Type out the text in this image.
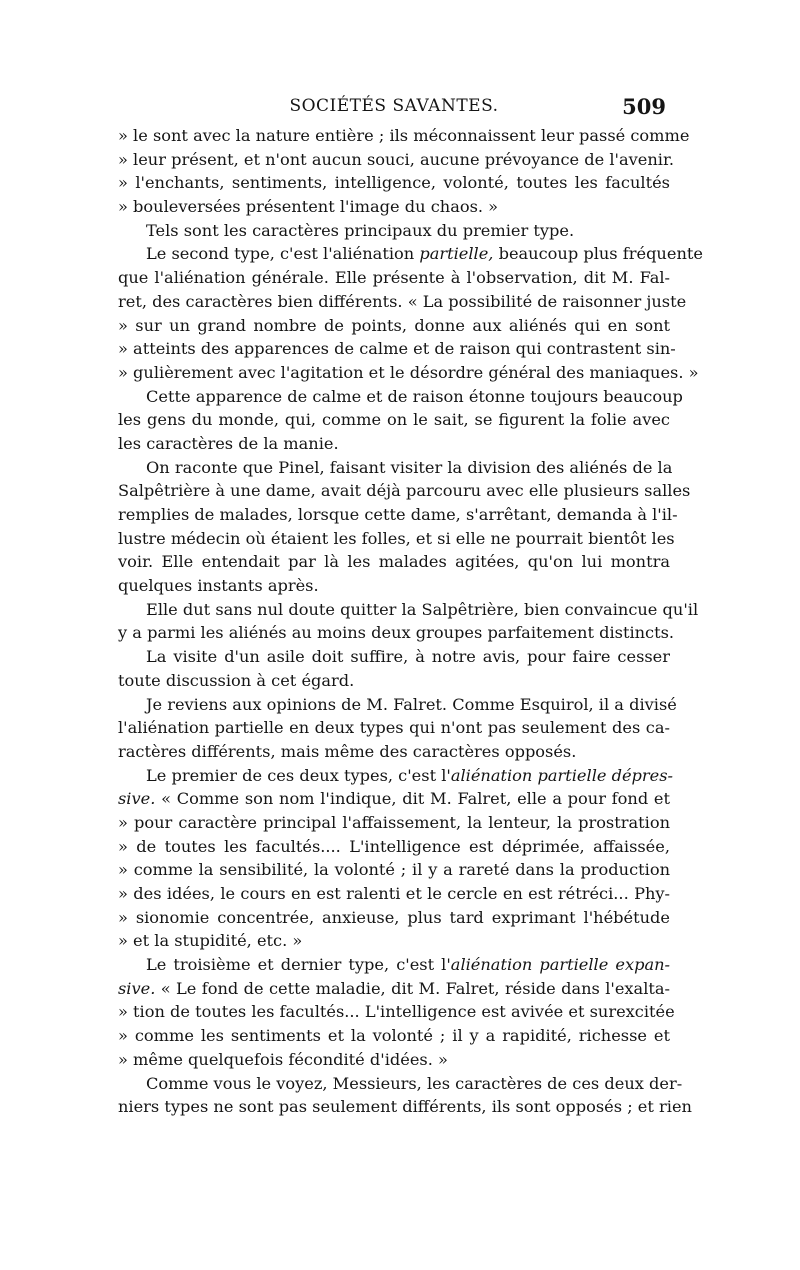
SOCIÉTÉS SAVANTES.	509
» le sont avec la nature entière ; ils méconnaissent leur passé comme
» leur présent, et n'ont aucun souci, aucune prévoyance de l'avenir.
» l'enchants, sentiments, intelligence, volonté, toutes les facultés
» bouleversées présentent l'image du chaos. »
Tels sont les caractères principaux du premier type.
Le second type, c'est l'aliénation partielle, beaucoup plus fréquente
que l'aliénation générale. Elle présente à l'observation, dit M. Fal-
ret, des caractères bien différents. « La possibilité de raisonner juste
» sur un grand nombre de points, donne aux aliénés qui en sont
» atteints des apparences de calme et de raison qui contrastent sin-
» gulièrement avec l'agitation et le désordre général des maniaques. »
Cette apparence de calme et de raison étonne toujours beaucoup
les gens du monde, qui, comme on le sait, se figurent la folie avec
les caractères de la manie.
On raconte que Pinel, faisant visiter la division des aliénés de la
Salpêtrière à une dame, avait déjà parcouru avec elle plusieurs salles
remplies de malades, lorsque cette dame, s'arrêtant, demanda à l'il-
lustre médecin où étaient les folles, et si elle ne pourrait bientôt les
voir. Elle entendait par là les malades agitées, qu'on lui montra
quelques instants après.
Elle dut sans nul doute quitter la Salpêtrière, bien convaincue qu'il
y a parmi les aliénés au moins deux groupes parfaitement distincts.
La visite d'un asile doit suffire, à notre avis, pour faire cesser
toute discussion à cet égard.
Je reviens aux opinions de M. Falret. Comme Esquirol, il a divisé
l'aliénation partielle en deux types qui n'ont pas seulement des ca-
ractères différents, mais même des caractères opposés.
Le premier de ces deux types, c'est l'aliénation partielle dépres-
sive. « Comme son nom l'indique, dit M. Falret, elle a pour fond et
» pour caractère principal l'affaissement, la lenteur, la prostration
» de toutes les facultés.... L'intelligence est déprimée, affaissée,
» comme la sensibilité, la volonté ; il y a rareté dans la production
» des idées, le cours en est ralenti et le cercle en est rétréci... Phy-
» sionomie concentrée, anxieuse, plus tard exprimant l'hébétude
» et la stupidité, etc. »
Le troisième et dernier type, c'est l'aliénation partielle expan-
sive. « Le fond de cette maladie, dit M. Falret, réside dans l'exalta-
» tion de toutes les facultés... L'intelligence est avivée et surexcitée
» comme les sentiments et la volonté ; il y a rapidité, richesse et
» même quelquefois fécondité d'idées. »
Comme vous le voyez, Messieurs, les caractères de ces deux der-
niers types ne sont pas seulement différents, ils sont opposés ; et rien
